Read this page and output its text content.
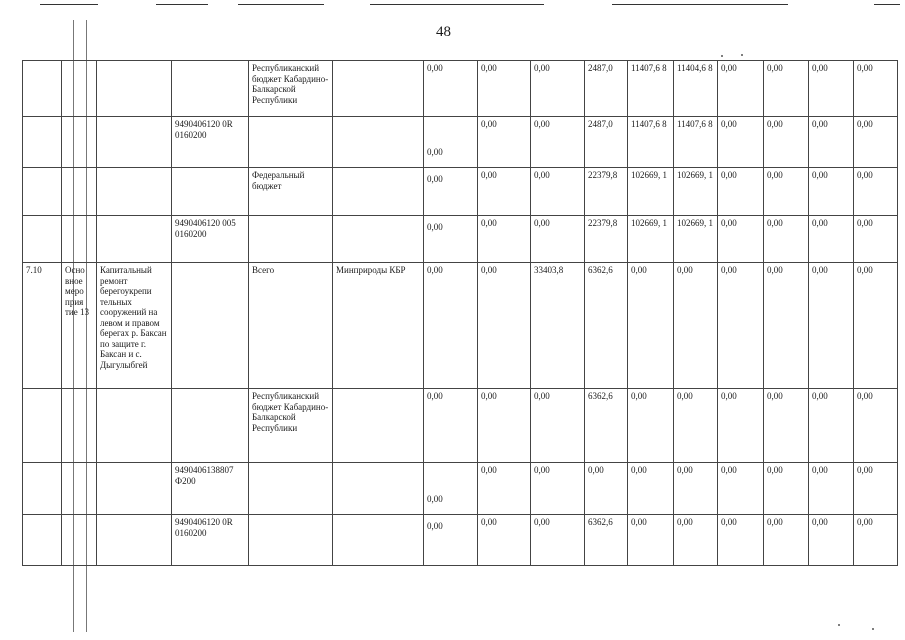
48
				Республиканский бюджет Кабардино-Балкарской Республики		0,00	0,00	0,00	2487,0	11407,6 8	11404,6 8	0,00	0,00	0,00	0,00	
			9490406120 0R 0160200			0,00	0,00	0,00	2487,0	11407,6 8	11407,6 8	0,00	0,00	0,00	0,00	
				Федеральный бюджет		0,00	0,00	0,00	22379,8	102669, 1	102669, 1	0,00	0,00	0,00	0,00	
			9490406120 005 0160200			0,00	0,00	0,00	22379,8	102669, 1	102669, 1	0,00	0,00	0,00	0,00	
7.10	Осно вное меро прия тие 13	Капитальный ремонт берегоукрепи тельных сооружений на левом и правом берегах р. Баксан по защите г. Баксан и с. Дыгулыбгей		Всего	Минприроды КБР	0,00	0,00	33403,8	6362,6	0,00	0,00	0,00	0,00	0,00	0,00	
				Республиканский бюджет Кабардино-Балкарской Республики		0,00	0,00	0,00	6362,6	0,00	0,00	0,00	0,00	0,00	0,00	
			9490406138807 Ф200			0,00	0,00	0,00	0,00	0,00	0,00	0,00	0,00	0,00	0,00	
			9490406120 0R 0160200			0,00	0,00	0,00	6362,6	0,00	0,00	0,00	0,00	0,00	0,00	
